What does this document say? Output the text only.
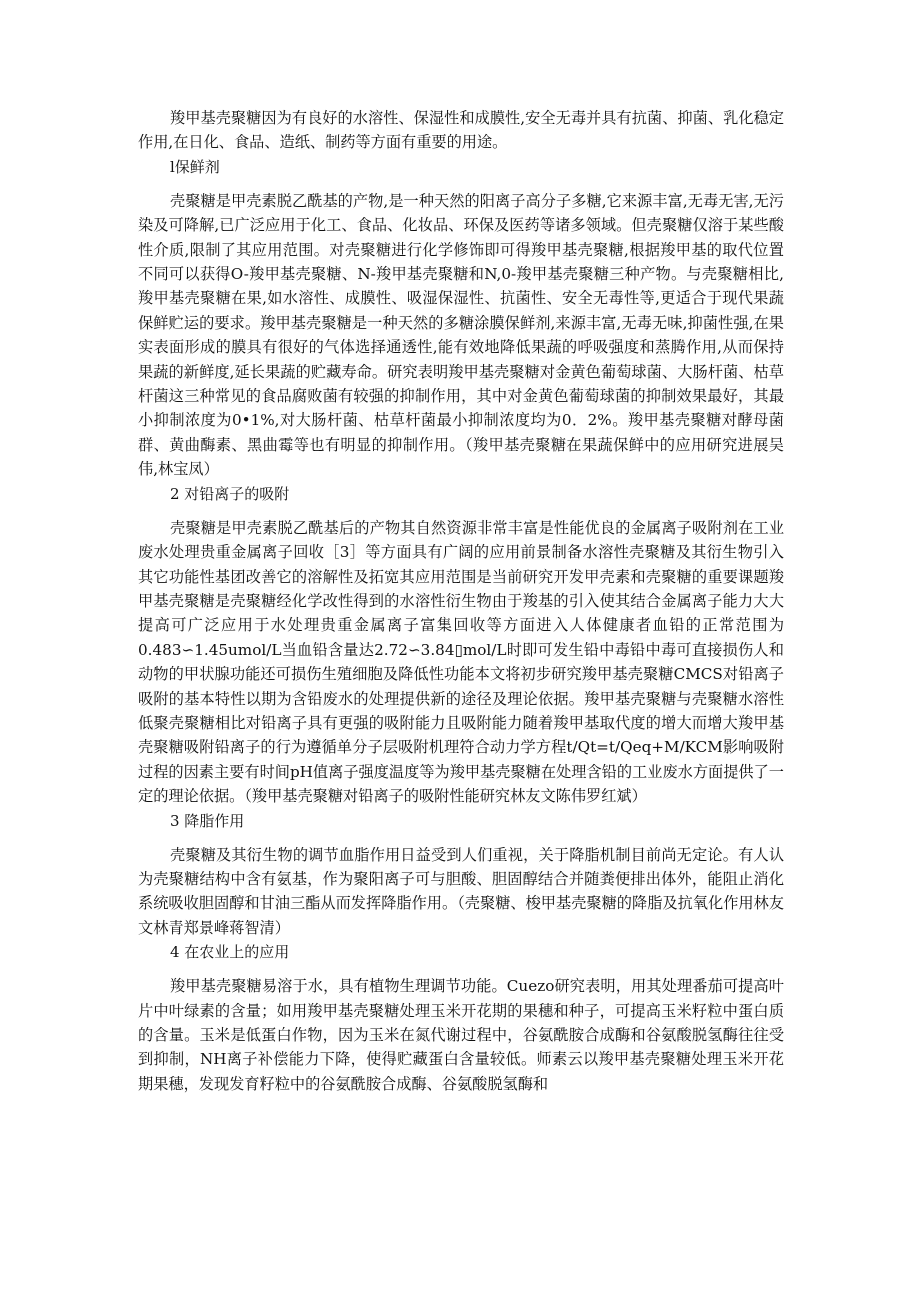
羧甲基壳聚糖因为有良好的水溶性、保湿性和成膜性,安全无毒并具有抗菌、抑菌、乳化稳定作用,在日化、食品、造纸、制药等方面有重要的用途。

l保鲜剂

壳聚糖是甲壳素脱乙酰基的产物,是一种天然的阳离子高分子多糖,它来源丰富,无毒无害,无污染及可降解,已广泛应用于化工、食品、化妆品、环保及医药等诸多领域。但壳聚糖仅溶于某些酸性介质,限制了其应用范围。对壳聚糖进行化学修饰即可得羧甲基壳聚糖,根据羧甲基的取代位置不同可以获得O-羧甲基壳聚糖、N-羧甲基壳聚糖和N,0-羧甲基壳聚糖三种产物。与壳聚糖相比,羧甲基壳聚糖在果,如水溶性、成膜性、吸湿保湿性、抗菌性、安全无毒性等,更适合于现代果蔬保鲜贮运的要求。羧甲基壳聚糖是一种天然的多糖涂膜保鲜剂,来源丰富,无毒无味,抑菌性强,在果实表面形成的膜具有很好的气体选择通透性,能有效地降低果蔬的呼吸强度和蒸腾作用,从而保持果蔬的新鲜度,延长果蔬的贮藏寿命。研究表明羧甲基壳聚糖对金黄色葡萄球菌、大肠杆菌、枯草杆菌这三种常见的食品腐败菌有较强的抑制作用，其中对金黄色葡萄球菌的抑制效果最好，其最小抑制浓度为0•1%,对大肠杆菌、枯草杆菌最小抑制浓度均为0．2%。羧甲基壳聚糖对酵母菌群、黄曲酶素、黑曲霉等也有明显的抑制作用。（羧甲基壳聚糖在果蔬保鲜中的应用研究进展吴伟,林宝凤）

2 对铅离子的吸附

壳聚糖是甲壳素脱乙酰基后的产物其自然资源非常丰富是性能优良的金属离子吸附剂在工业废水处理贵重金属离子回收［3］等方面具有广阔的应用前景制备水溶性壳聚糖及其衍生物引入其它功能性基团改善它的溶解性及拓宽其应用范围是当前研究开发甲壳素和壳聚糖的重要课题羧甲基壳聚糖是壳聚糖经化学改性得到的水溶性衍生物由于羧基的引入使其结合金属离子能力大大提高可广泛应用于水处理贵重金属离子富集回收等方面进入人体健康者血铅的正常范围为0.483∽1.45umol/L当血铅含量达2.72∽3.84▯mol/L时即可发生铅中毒铅中毒可直接损伤人和动物的甲状腺功能还可损伤生殖细胞及降低性功能本文将初步研究羧甲基壳聚糖CMCS对铅离子吸附的基本特性以期为含铅废水的处理提供新的途径及理论依据。羧甲基壳聚糖与壳聚糖水溶性低聚壳聚糖相比对铅离子具有更强的吸附能力且吸附能力随着羧甲基取代度的增大而增大羧甲基壳聚糖吸附铅离子的行为遵循单分子层吸附机理符合动力学方程t/Qt=t/Qeq+M/KCM影响吸附过程的因素主要有时间pH值离子强度温度等为羧甲基壳聚糖在处理含铅的工业废水方面提供了一定的理论依据。（羧甲基壳聚糖对铅离子的吸附性能研究林友文陈伟罗红斌）

3 降脂作用

壳聚糖及其衍生物的调节血脂作用日益受到人们重视，关于降脂机制目前尚无定论。有人认为壳聚糖结构中含有氨基，作为聚阳离子可与胆酸、胆固醇结合并随粪便排出体外，能阻止消化系统吸收胆固醇和甘油三酯从而发挥降脂作用。（壳聚糖、梭甲基壳聚糖的降脂及抗氧化作用林友文林青郑景峰蒋智清）

4 在农业上的应用

羧甲基壳聚糖易溶于水，具有植物生理调节功能。Cuezo研究表明，用其处理番茄可提高叶片中叶绿素的含量；如用羧甲基壳聚糖处理玉米开花期的果穗和种子，可提高玉米籽粒中蛋白质的含量。玉米是低蛋白作物，因为玉米在氮代谢过程中，谷氨酰胺合成酶和谷氨酸脱氢酶往往受到抑制，NH离子补偿能力下降，使得贮藏蛋白含量较低。师素云以羧甲基壳聚糖处理玉米开花期果穗，发现发育籽粒中的谷氨酰胺合成酶、谷氨酸脱氢酶和
